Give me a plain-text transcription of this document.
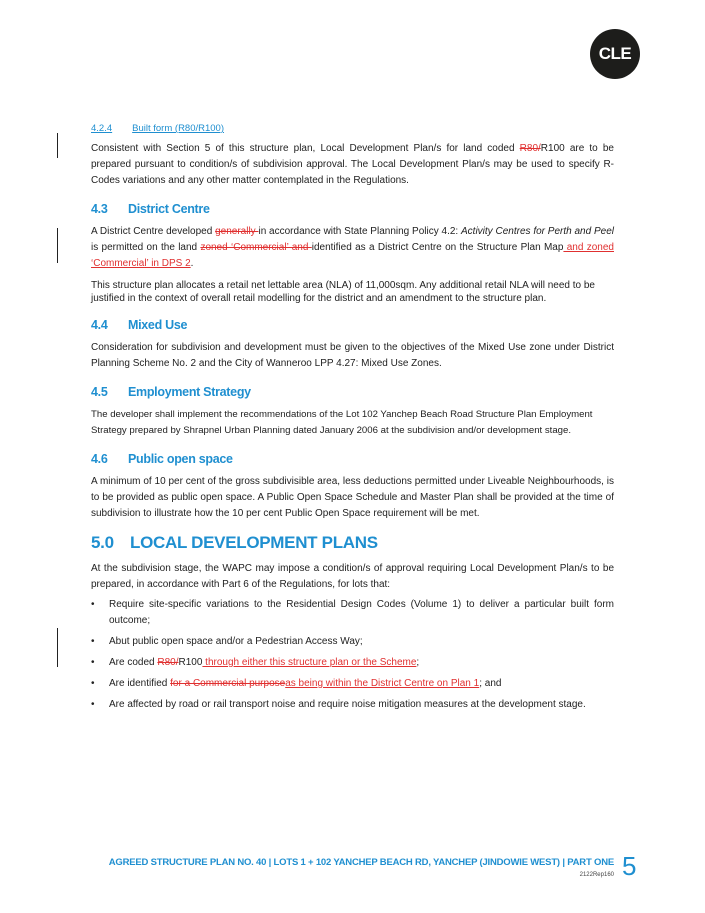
CLE
4.2.4 Built form (R80/R100)

Consistent with Section 5 of this structure plan, Local Development Plan/s for land coded R80/R100 are to be prepared pursuant to condition/s of subdivision approval. The Local Development Plan/s may be used to specify R-Codes variations and any other matter contemplated in the Regulations.

4.3	District Centre

A District Centre developed generally in accordance with State Planning Policy 4.2: Activity Centres for Perth and Peel is permitted on the land zoned ‘Commercial’ and identified as a District Centre on the Structure Plan Map and zoned ‘Commercial’ in DPS 2.

This structure plan allocates a retail net lettable area (NLA) of 11,000sqm. Any additional retail NLA will need to be justified in the context of overall retail modelling for the district and an amendment to the structure plan.

4.4	Mixed Use

Consideration for subdivision and development must be given to the objectives of the Mixed Use zone under District Planning Scheme No. 2 and the City of Wanneroo LPP 4.27: Mixed Use Zones.

4.5	Employment Strategy

The developer shall implement the recommendations of the Lot 102 Yanchep Beach Road Structure Plan Employment Strategy prepared by Shrapnel Urban Planning dated January 2006 at the subdivision and/or development stage.

4.6	Public open space

A minimum of 10 per cent of the gross subdivisible area, less deductions permitted under Liveable Neighbourhoods, is to be provided as public open space. A Public Open Space Schedule and Master Plan shall be provided at the time of subdivision to illustrate how the 10 per cent Public Open Space requirement will be met.

5.0 LOCAL DEVELOPMENT PLANS

At the subdivision stage, the WAPC may impose a condition/s of approval requiring Local Development Plan/s to be prepared, in accordance with Part 6 of the Regulations, for lots that:

• Require site-specific variations to the Residential Design Codes (Volume 1) to deliver a particular built form outcome;
• Abut public open space and/or a Pedestrian Access Way;
• Are coded R80/R100 through either this structure plan or the Scheme;
• Are identified for a Commercial purposeas being within the District Centre on Plan 1; and
• Are affected by road or rail transport noise and require noise mitigation measures at the development stage.
AGREED STRUCTURE PLAN NO. 40 | LOTS 1 + 102 YANCHEP BEACH RD, YANCHEP (JINDOWIE WEST) | PART ONE
2122Rep160 5
